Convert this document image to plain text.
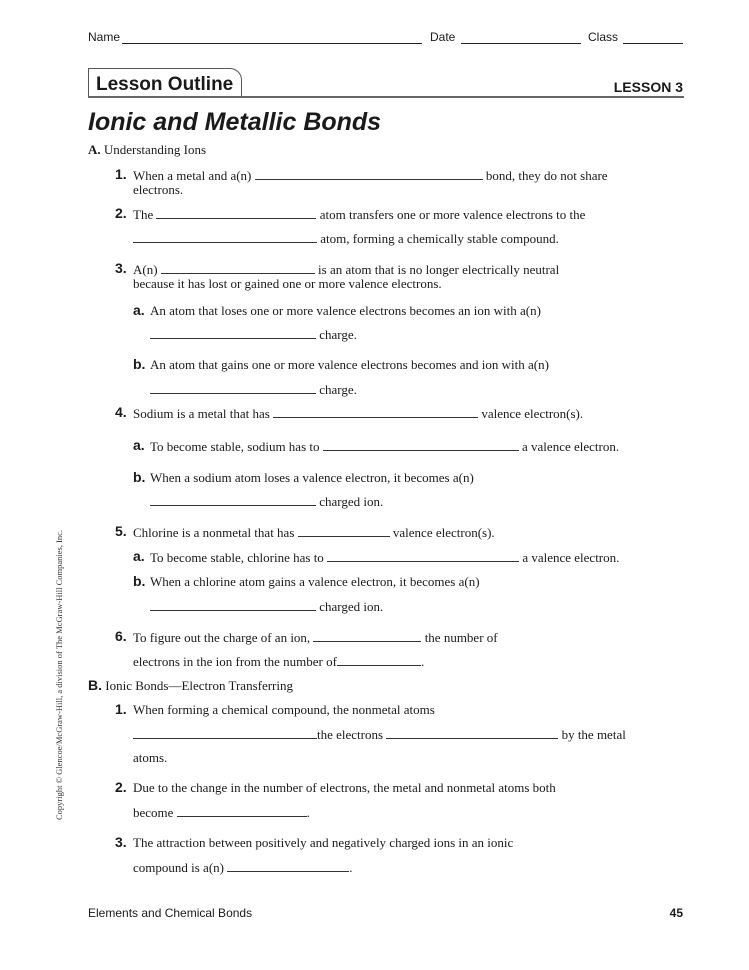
Name	Date	Class
Lesson Outline	LESSON 3
Ionic and Metallic Bonds
A. Understanding Ions
1. When a metal and a(n)	bond, they do not share
electrons.
2. The	atom transfers one or more valence electrons to the
atom, forming a chemically stable compound.
3. A(n)	is an atom that is no longer electrically neutral
because it has lost or gained one or more valence electrons.
a. An atom that loses one or more valence electrons becomes an ion with a(n)
charge.
b. An atom that gains one or more valence electrons becomes and ion with a(n)
charge.
4. Sodium is a metal that has	valence electron(s).
a. To become stable, sodium has to	a valence electron.
b. When a sodium atom loses a valence electron, it becomes a(n)
charged ion.
5. Chlorine is a nonmetal that has	valence electron(s).
a. To become stable, chlorine has to	a valence electron.
b. When a chlorine atom gains a valence electron, it becomes a(n)
charged ion.
6. To figure out the charge of an ion,	the number of
electrons in the ion from the number of	.
B. Ionic Bonds—Electron Transferring
1. When forming a chemical compound, the nonmetal atoms
the electrons	by the metal
atoms.
2. Due to the change in the number of electrons, the metal and nonmetal atoms both
become	.
3. The attraction between positively and negatively charged ions in an ionic
compound is a(n)	.
Copyright © Glencoe/McGraw-Hill, a division of The McGraw-Hill Companies, Inc.
Elements and Chemical Bonds	45
